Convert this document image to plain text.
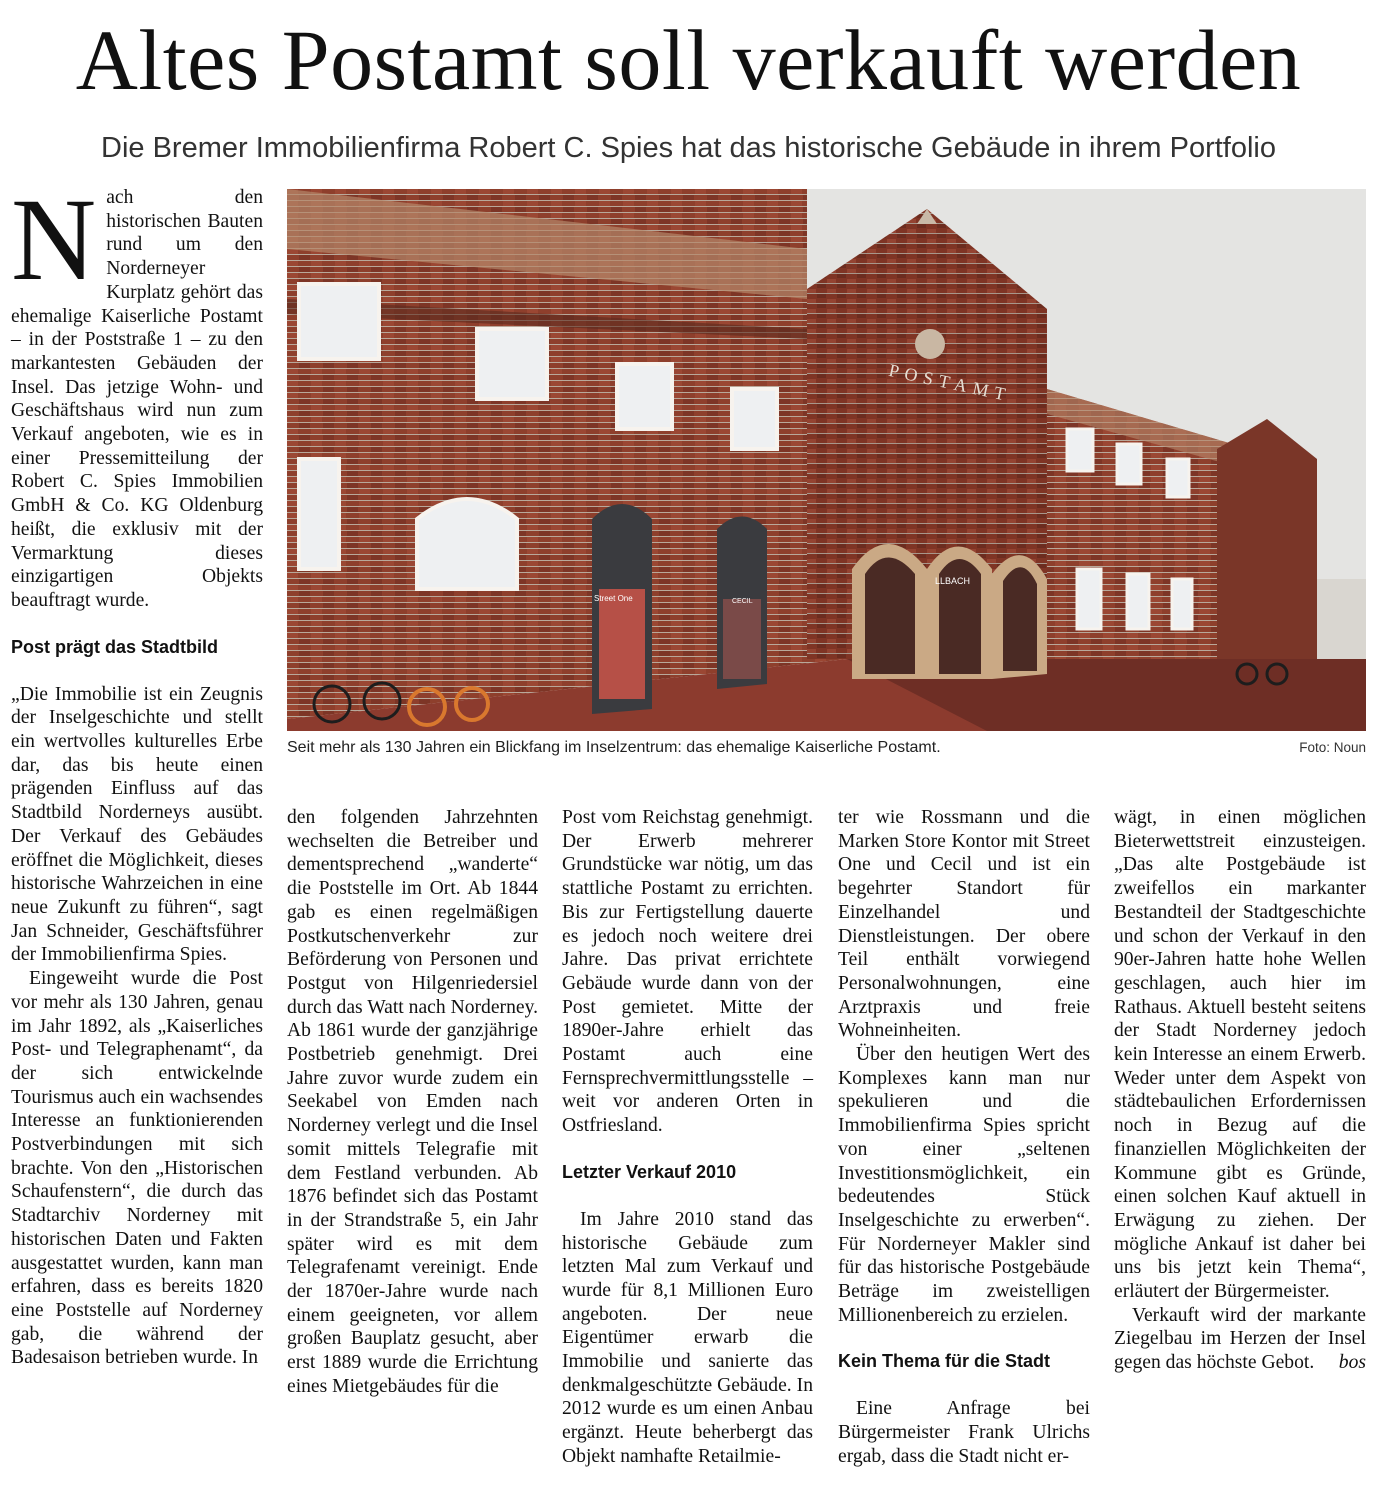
Altes Postamt soll verkauft werden

Die Bremer Immobilienfirma Robert C. Spies hat das historische Gebäude in ihrem Portfolio

N ach den historischen Bauten rund um den Norderneyer Kurplatz gehört das ehemalige Kaiserliche Postamt – in der Poststraße 1 – zu den markantesten Gebäuden der Insel. Das jetzige Wohn- und Geschäftshaus wird nun zum Verkauf angeboten, wie es in einer Pressemitteilung der Robert C. Spies Immobilien GmbH & Co. KG Oldenburg heißt, die exklusiv mit der Vermarktung dieses einzigartigen Objekts beauftragt wurde.

Post prägt das Stadtbild

„Die Immobilie ist ein Zeugnis der Inselgeschichte und stellt ein wertvolles kulturelles Erbe dar, das bis heute einen prägenden Einfluss auf das Stadtbild Norderneys ausübt. Der Verkauf des Gebäudes eröffnet die Möglichkeit, dieses historische Wahrzeichen in eine neue Zukunft zu führen“, sagt Jan Schneider, Geschäftsführer der Immobilienfirma Spies.

Eingeweiht wurde die Post vor mehr als 130 Jahren, genau im Jahr 1892, als „Kaiserliches Post- und Telegraphenamt“, da der sich entwickelnde Tourismus auch ein wachsendes Interesse an funktionierenden Postverbindungen mit sich brachte. Von den „Historischen Schaufenstern“, die durch das Stadtarchiv Norderney mit historischen Daten und Fakten ausgestattet wurden, kann man erfahren, dass es bereits 1820 eine Poststelle auf Norderney gab, die während der Badesaison betrieben wurde. In

POSTAMT
Street One	CECIL
LLBACH
Seit mehr als 130 Jahren ein Blickfang im Inselzentrum: das ehemalige Kaiserliche Postamt.	Foto: Noun

den folgenden Jahrzehnten wechselten die Betreiber und dementsprechend „wanderte“ die Poststelle im Ort. Ab 1844 gab es einen regelmäßigen Postkutschenverkehr zur Beförderung von Personen und Postgut von Hilgenriedersiel durch das Watt nach Norderney. Ab 1861 wurde der ganzjährige Postbetrieb genehmigt. Drei Jahre zuvor wurde zudem ein Seekabel von Emden nach Norderney verlegt und die Insel somit mittels Telegrafie mit dem Festland verbunden. Ab 1876 befindet sich das Postamt in der Strandstraße 5, ein Jahr später wird es mit dem Telegrafenamt vereinigt. Ende der 1870er-Jahre wurde nach einem geeigneten, vor allem großen Bauplatz gesucht, aber erst 1889 wurde die Errichtung eines Mietgebäudes für die

Post vom Reichstag genehmigt. Der Erwerb mehrerer Grundstücke war nötig, um das stattliche Postamt zu errichten. Bis zur Fertigstellung dauerte es jedoch noch weitere drei Jahre. Das privat errichtete Gebäude wurde dann von der Post gemietet. Mitte der 1890er-Jahre erhielt das Postamt auch eine Fernsprechvermittlungsstelle – weit vor anderen Orten in Ostfriesland.

Letzter Verkauf 2010

Im Jahre 2010 stand das historische Gebäude zum letzten Mal zum Verkauf und wurde für 8,1 Millionen Euro angeboten. Der neue Eigentümer erwarb die Immobilie und sanierte das denkmalgeschützte Gebäude. In 2012 wurde es um einen Anbau ergänzt. Heute beherbergt das Objekt namhafte Retailmie-

ter wie Rossmann und die Marken Store Kontor mit Street One und Cecil und ist ein begehrter Standort für Einzelhandel und Dienstleistungen. Der obere Teil enthält vorwiegend Personalwohnungen, eine Arztpraxis und freie Wohneinheiten.

Über den heutigen Wert des Komplexes kann man nur spekulieren und die Immobilienfirma Spies spricht von einer „seltenen Investitionsmöglichkeit, ein bedeutendes Stück Inselgeschichte zu erwerben“. Für Norderneyer Makler sind für das historische Postgebäude Beträge im zweistelligen Millionenbereich zu erzielen.

Kein Thema für die Stadt

Eine Anfrage bei Bürgermeister Frank Ulrichs ergab, dass die Stadt nicht er-

wägt, in einen möglichen Bieterwettstreit einzusteigen. „Das alte Postgebäude ist zweifellos ein markanter Bestandteil der Stadtgeschichte und schon der Verkauf in den 90er-Jahren hatte hohe Wellen geschlagen, auch hier im Rathaus. Aktuell besteht seitens der Stadt Norderney jedoch kein Interesse an einem Erwerb. Weder unter dem Aspekt von städtebaulichen Erfordernissen noch in Bezug auf die finanziellen Möglichkeiten der Kommune gibt es Gründe, einen solchen Kauf aktuell in Erwägung zu ziehen. Der mögliche Ankauf ist daher bei uns bis jetzt kein Thema“, erläutert der Bürgermeister.

Verkauft wird der markante Ziegelbau im Herzen der Insel gegen das höchste Gebot.	bos
